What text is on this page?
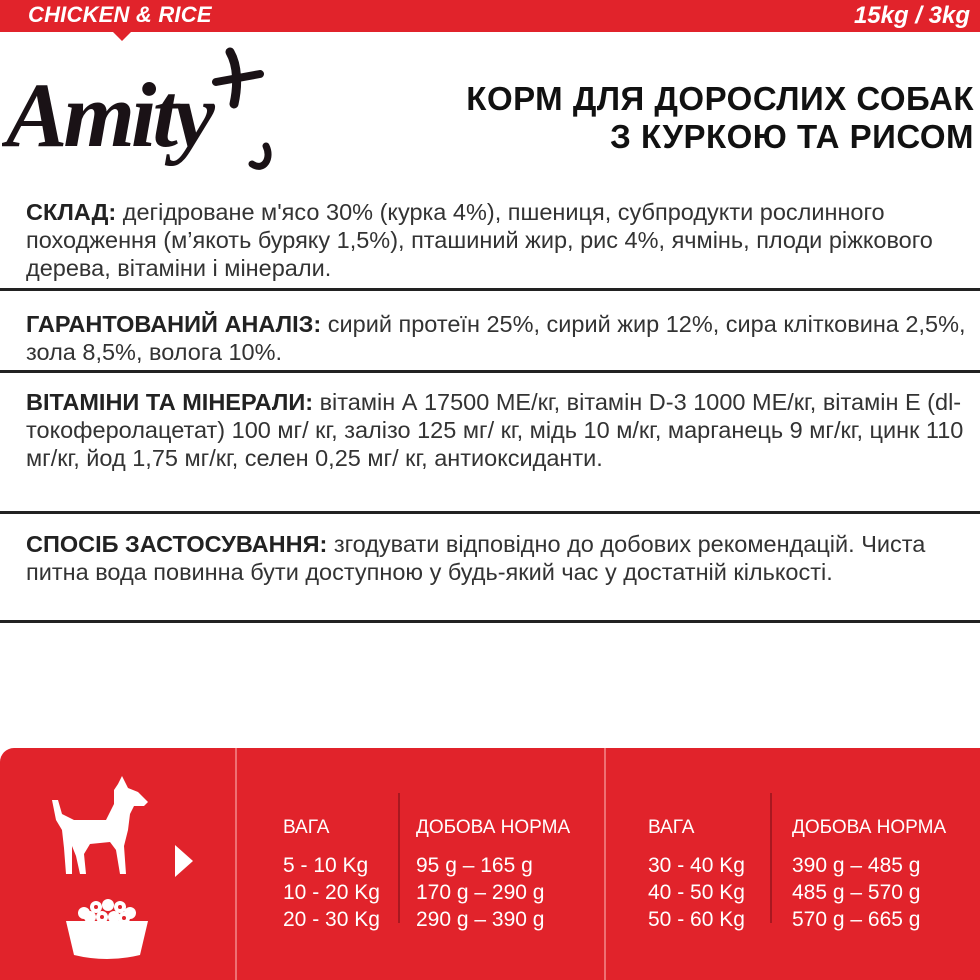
CHICKEN & RICE	15kg / 3kg
Amity	КОРМ ДЛЯ ДОРОСЛИХ СОБАК
З КУРКОЮ ТА РИСОМ
СКЛАД: дегідроване м'ясо 30% (курка 4%), пшениця, субпродукти рослинного походження (м’якоть буряку 1,5%), пташиний жир, рис 4%, ячмінь, плоди ріжкового дерева, вітаміни і мінерали.
ГАРАНТОВАНИЙ АНАЛІЗ: сирий протеїн 25%, сирий жир 12%, сира клітковина 2,5%, зола 8,5%, волога 10%.
ВІТАМІНИ ТА МІНЕРАЛИ: вітамін А 17500 МЕ/кг, вітамін D-3 1000 МЕ/кг, вітамін Е (dl-токоферолацетат) 100 мг/ кг, залізо 125 мг/ кг, мідь 10 м/кг, марганець 9 мг/кг, цинк 110 мг/кг, йод 1,75 мг/кг, селен 0,25 мг/ кг, антиоксиданти.
СПОСІБ ЗАСТОСУВАННЯ: згодувати відповідно до добових рекомендацій. Чиста питна вода повинна бути доступною у будь-який час у достатній кількості.
ВАГА
5 - 10 Kg
10 - 20 Kg
20 - 30 Kg
ДОБОВА НОРМА
95 g – 165 g
170 g – 290 g
290 g – 390 g
ВАГА
30 - 40 Kg
40 - 50 Kg
50 - 60 Kg
ДОБОВА НОРМА
390 g – 485 g
485 g – 570 g
570 g – 665 g
